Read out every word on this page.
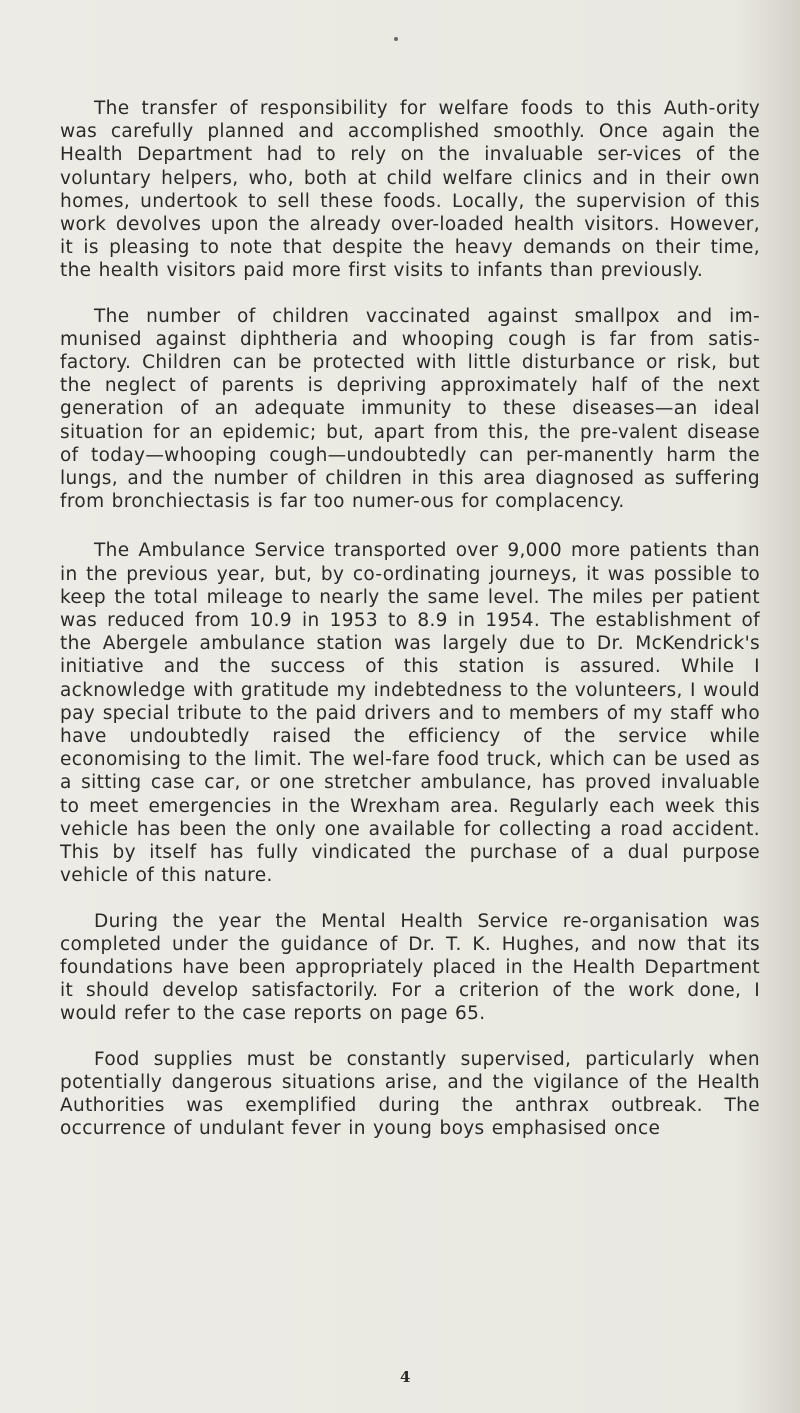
The transfer of responsibility for welfare foods to this Auth-ority was carefully planned and accomplished smoothly. Once again the Health Department had to rely on the invaluable ser-vices of the voluntary helpers, who, both at child welfare clinics and in their own homes, undertook to sell these foods. Locally, the supervision of this work devolves upon the already over-loaded health visitors. However, it is pleasing to note that despite the heavy demands on their time, the health visitors paid more first visits to infants than previously.

The number of children vaccinated against smallpox and im-munised against diphtheria and whooping cough is far from satis-factory. Children can be protected with little disturbance or risk, but the neglect of parents is depriving approximately half of the next generation of an adequate immunity to these diseases—an ideal situation for an epidemic; but, apart from this, the pre-valent disease of today—whooping cough—undoubtedly can per-manently harm the lungs, and the number of children in this area diagnosed as suffering from bronchiectasis is far too numer-ous for complacency.

The Ambulance Service transported over 9,000 more patients than in the previous year, but, by co-ordinating journeys, it was possible to keep the total mileage to nearly the same level. The miles per patient was reduced from 10.9 in 1953 to 8.9 in 1954. The establishment of the Abergele ambulance station was largely due to Dr. McKendrick's initiative and the success of this station is assured. While I acknowledge with gratitude my indebtedness to the volunteers, I would pay special tribute to the paid drivers and to members of my staff who have undoubtedly raised the efficiency of the service while economising to the limit. The wel-fare food truck, which can be used as a sitting case car, or one stretcher ambulance, has proved invaluable to meet emergencies in the Wrexham area. Regularly each week this vehicle has been the only one available for collecting a road accident. This by itself has fully vindicated the purchase of a dual purpose vehicle of this nature.

During the year the Mental Health Service re-organisation was completed under the guidance of Dr. T. K. Hughes, and now that its foundations have been appropriately placed in the Health Department it should develop satisfactorily. For a criterion of the work done, I would refer to the case reports on page 65.

Food supplies must be constantly supervised, particularly when potentially dangerous situations arise, and the vigilance of the Health Authorities was exemplified during the anthrax outbreak. The occurrence of undulant fever in young boys emphasised once

4
